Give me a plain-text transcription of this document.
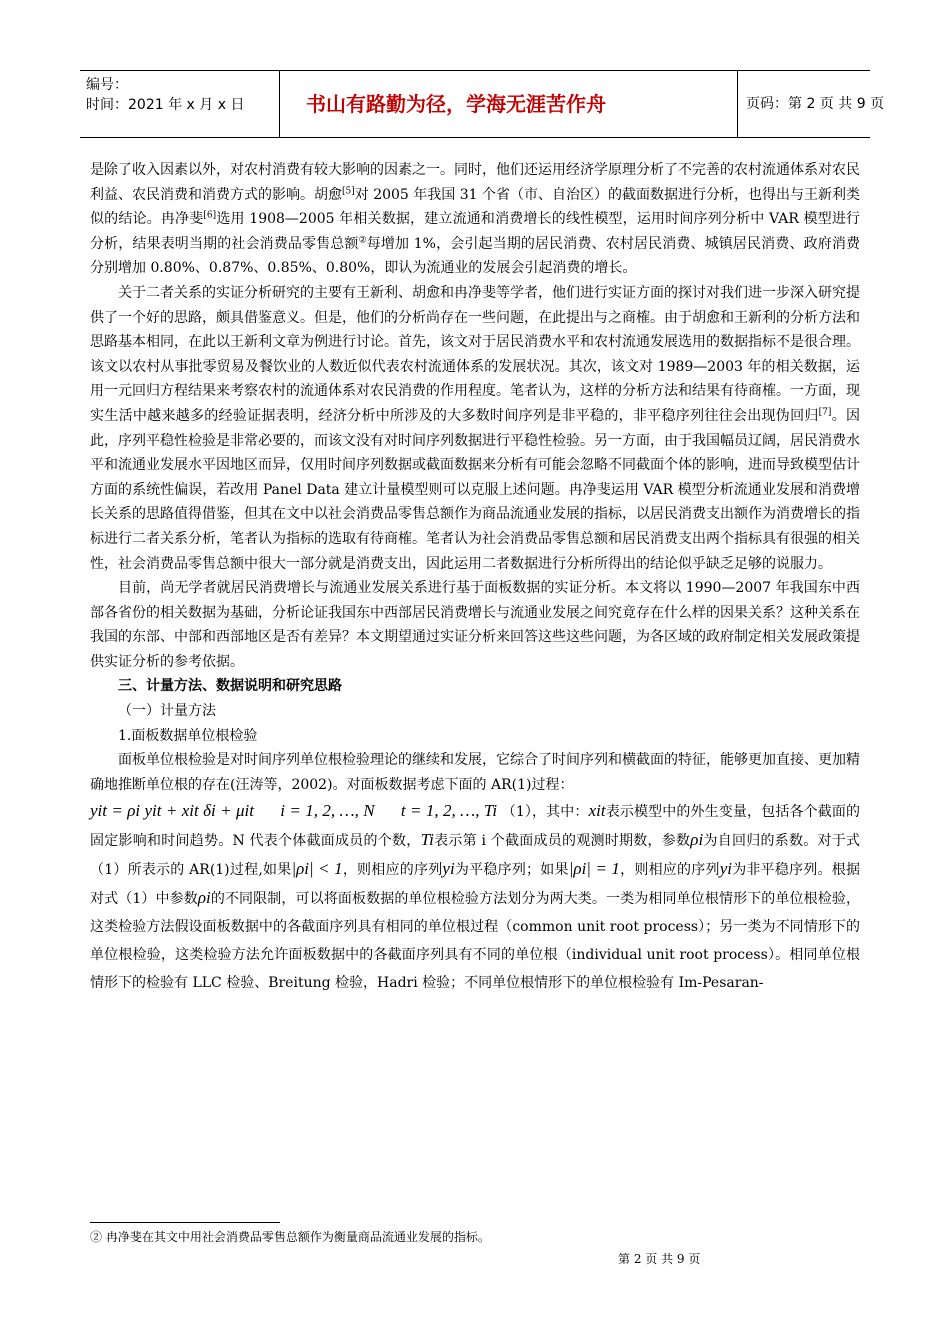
编号：
时间：2021 年 x 月 x 日	书山有路勤为径，学海无涯苦作舟	页码：第 2 页 共 9 页

是除了收入因素以外，对农村消费有较大影响的因素之一。同时，他们还运用经济学原理分析了不完善的农村流通体系对农民利益、农民消费和消费方式的影响。胡愈[5]对 2005 年我国 31 个省（市、自治区）的截面数据进行分析，也得出与王新利类似的结论。冉净斐[6]选用 1908—2005 年相关数据，建立流通和消费增长的线性模型，运用时间序列分析中 VAR 模型进行分析，结果表明当期的社会消费品零售总额②每增加 1%，会引起当期的居民消费、农村居民消费、城镇居民消费、政府消费分别增加 0.80%、0.87%、0.85%、0.80%，即认为流通业的发展会引起消费的增长。

关于二者关系的实证分析研究的主要有王新利、胡愈和冉净斐等学者，他们进行实证方面的探讨对我们进一步深入研究提供了一个好的思路，颇具借鉴意义。但是，他们的分析尚存在一些问题，在此提出与之商榷。由于胡愈和王新利的分析方法和思路基本相同，在此以王新利文章为例进行讨论。首先，该文对于居民消费水平和农村流通发展选用的数据指标不是很合理。该文以农村从事批零贸易及餐饮业的人数近似代表农村流通体系的发展状况。其次，该文对 1989—2003 年的相关数据，运用一元回归方程结果来考察农村的流通体系对农民消费的作用程度。笔者认为，这样的分析方法和结果有待商榷。一方面，现实生活中越来越多的经验证据表明，经济分析中所涉及的大多数时间序列是非平稳的，非平稳序列往往会出现伪回归[7]。因此，序列平稳性检验是非常必要的，而该文没有对时间序列数据进行平稳性检验。另一方面，由于我国幅员辽阔，居民消费水平和流通业发展水平因地区而异，仅用时间序列数据或截面数据来分析有可能会忽略不同截面个体的影响，进而导致模型估计方面的系统性偏误，若改用 Panel Data 建立计量模型则可以克服上述问题。冉净斐运用 VAR 模型分析流通业发展和消费增长关系的思路值得借鉴，但其在文中以社会消费品零售总额作为商品流通业发展的指标，以居民消费支出额作为消费增长的指标进行二者关系分析，笔者认为指标的选取有待商榷。笔者认为社会消费品零售总额和居民消费支出两个指标具有很强的相关性，社会消费品零售总额中很大一部分就是消费支出，因此运用二者数据进行分析所得出的结论似乎缺乏足够的说服力。

目前，尚无学者就居民消费增长与流通业发展关系进行基于面板数据的实证分析。本文将以 1990—2007 年我国东中西部各省份的相关数据为基础，分析论证我国东中西部居民消费增长与流通业发展之间究竟存在什么样的因果关系？这种关系在我国的东部、中部和西部地区是否有差异？本文期望通过实证分析来回答这些这些问题，为各区域的政府制定相关发展政策提供实证分析的参考依据。

三、计量方法、数据说明和研究思路

（一）计量方法

1.面板数据单位根检验

面板单位根检验是对时间序列单位根检验理论的继续和发展，它综合了时间序列和横截面的特征，能够更加直接、更加精确地推断单位根的存在(汪涛等，2002)。对面板数据考虑下面的 AR(1)过程：

yit = ρi yit + xit δi + μit      i = 1, 2, …, N      t = 1, 2, …, Ti （1），其中：xit表示模型中的外生变量，包括各个截面的固定影响和时间趋势。N 代表个体截面成员的个数，Ti表示第 i 个截面成员的观测时期数，参数ρi为自回归的系数。对于式（1）所表示的 AR(1)过程,如果|ρi| < 1，则相应的序列yi为平稳序列；如果|ρi| = 1，则相应的序列yi为非平稳序列。根据对式（1）中参数ρi的不同限制，可以将面板数据的单位根检验方法划分为两大类。一类为相同单位根情形下的单位根检验，这类检验方法假设面板数据中的各截面序列具有相同的单位根过程（common unit root process）；另一类为不同情形下的单位根检验，这类检验方法允许面板数据中的各截面序列具有不同的单位根（individual unit root process）。相同单位根情形下的检验有 LLC 检验、Breitung 检验，Hadri 检验；不同单位根情形下的单位根检验有 Im-Pesaran-

② 冉净斐在其文中用社会消费品零售总额作为衡量商品流通业发展的指标。
第 2 页 共 9 页
